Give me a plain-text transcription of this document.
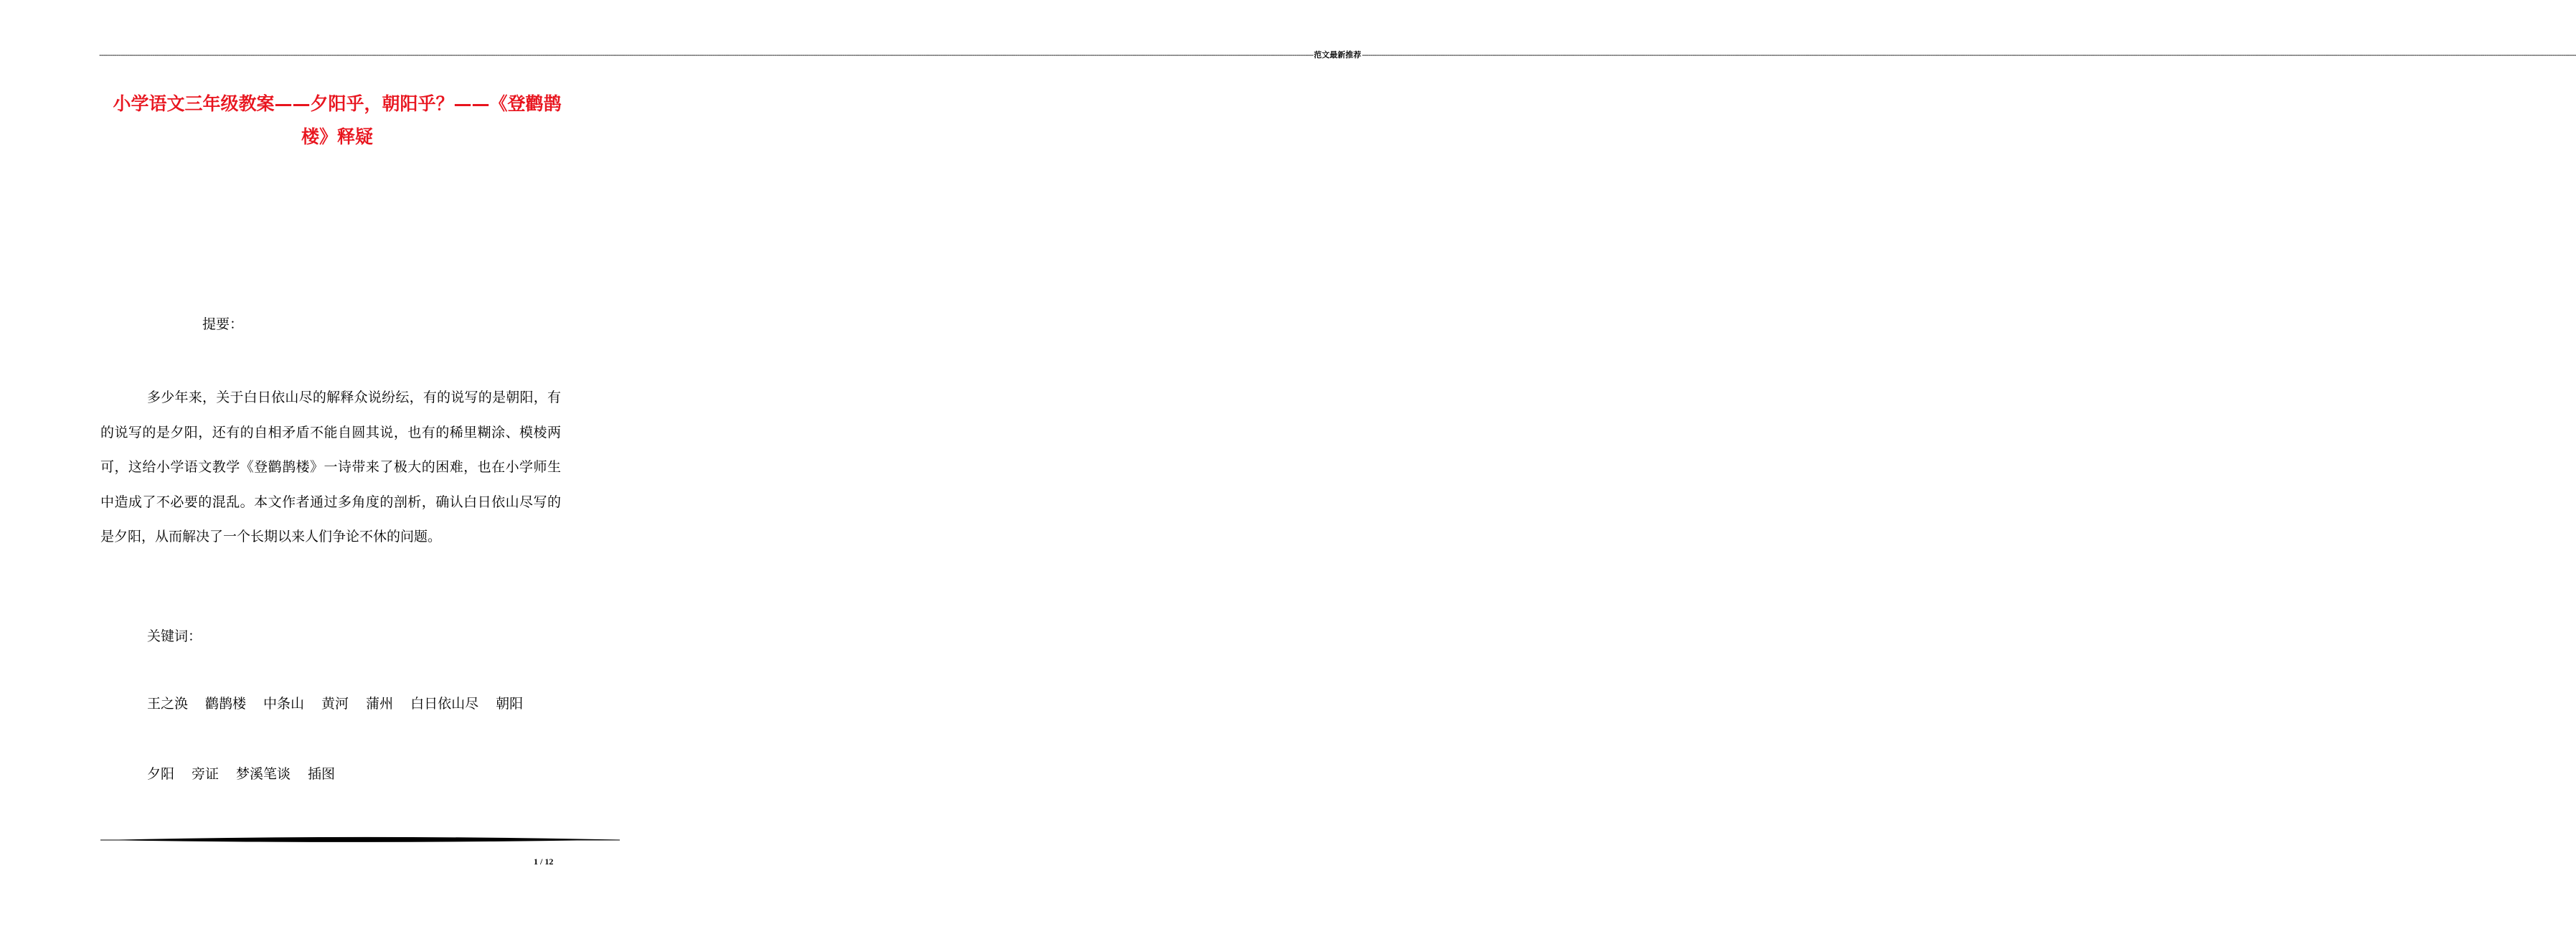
------------------------------------------------------------------------------------------------------------------------------------------------------------------------------------------------------------------------------------------------------------------------------------------------------------------------------------------------------------------------------------------------------------------------------------------------------------------------------------------------------------------------------------------------------------------------------------------ 范文最新推荐 ------------------------------------------------------------------------------------------------------------------------------------------------------------------------------------------------------------------------------------------------------------------------------------------------------------------------------------------------------------------------------------------------------------------------------------------------------------------------------------------------------------------------------------------------------------------------------------------
小学语文三年级教案——夕阳乎，朝阳乎？——《登鹳鹊楼》释疑

提要：

多少年来，关于白日依山尽的解释众说纷纭，有的说写的是朝阳，有的说写的是夕阳，还有的自相矛盾不能自圆其说，也有的稀里糊涂、模棱两可，这给小学语文教学《登鹳鹊楼》一诗带来了极大的困难，也在小学师生中造成了不必要的混乱。本文作者通过多角度的剖析，确认白日依山尽写的是夕阳，从而解决了一个长期以来人们争论不休的问题。

关键词：

王之涣 鹳鹊楼 中条山 黄河 蒲州 白日依山尽 朝阳
夕阳 旁证 梦溪笔谈 插图
1 / 12
